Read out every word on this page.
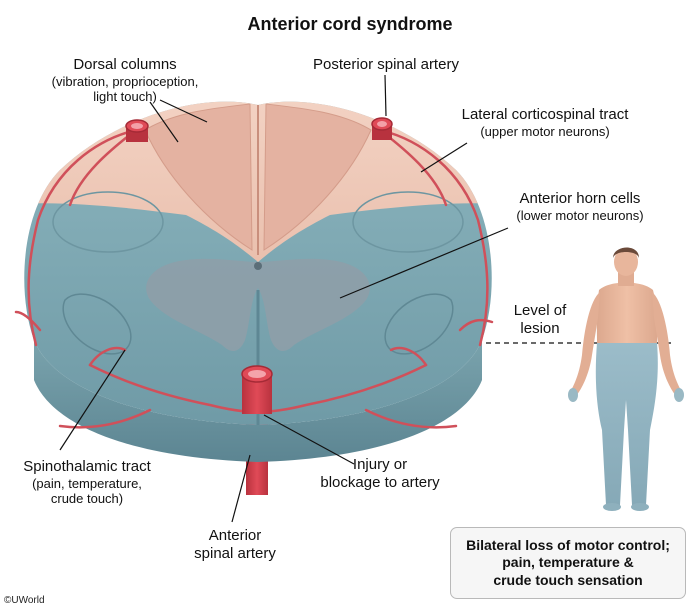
Anterior cord syndrome
Dorsal columns
(vibration, proprioception,
light touch)
Posterior spinal artery
Lateral corticospinal tract
(upper motor neurons)
Anterior horn cells
(lower motor neurons)
Level of
lesion
Spinothalamic tract
(pain, temperature,
crude touch)
Injury or
blockage to artery
Anterior
spinal artery	Bilateral loss of motor control;
pain, temperature &
crude touch sensation
©UWorld
